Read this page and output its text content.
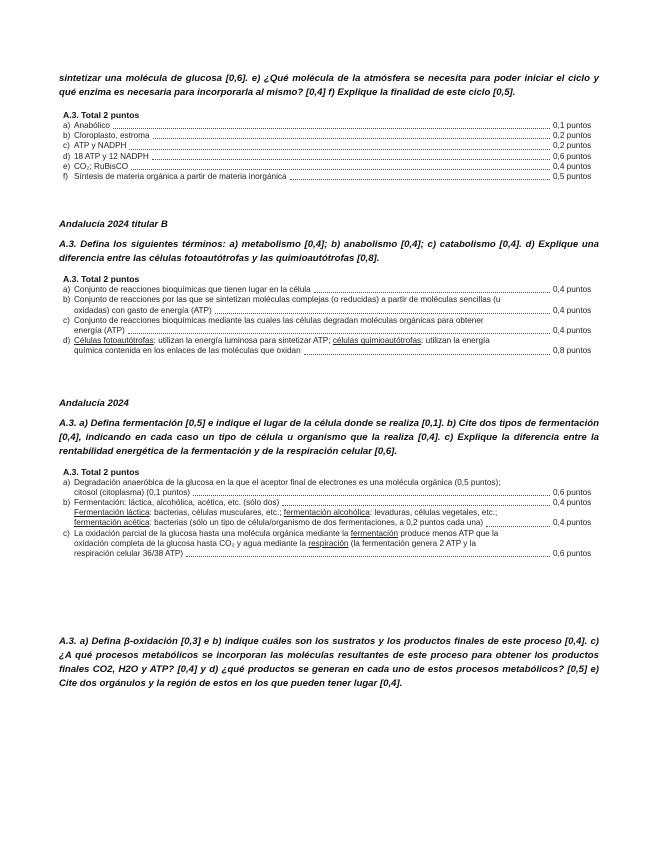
sintetizar una molécula de glucosa [0,6]. e) ¿Qué molécula de la atmósfera se necesita para poder iniciar el ciclo y qué enzima es necesaria para incorporarla al mismo? [0,4] f) Explique la finalidad de este ciclo [0,5].
A.3. Total 2 puntos
a) Anabólico	0,1 puntos
b) Cloroplasto, estroma	0,2 puntos
c) ATP y NADPH	0,2 puntos
d) 18 ATP y 12 NADPH	0,6 puntos
e) CO₂; RuBisCO	0,4 puntos
f) Síntesis de materia orgánica a partir de materia inorgánica	0,5 puntos
Andalucía 2024 titular B
A.3. Defina los siguientes términos: a) metabolismo [0,4]; b) anabolismo [0,4]; c) catabolismo [0,4]. d) Explique una diferencia entre las células fotoautótrofas y las quimioautótrofas [0,8].
A.3. Total 2 puntos
a) Conjunto de reacciones bioquímicas que tienen lugar en la célula	0,4 puntos
b) Conjunto de reacciones por las que se sintetizan moléculas complejas (o reducidas) a partir de moléculas sencillas (u
oxidadas) con gasto de energía (ATP)	0,4 puntos
c) Conjunto de reacciones bioquímicas mediante las cuales las células degradan moléculas orgánicas para obtener
energía (ATP)	0,4 puntos
d) Células fotoautótrofas: utilizan la energía luminosa para sintetizar ATP; células quimioautótrofas: utilizan la energía
química contenida en los enlaces de las moléculas que oxidan	0,8 puntos
Andalucía 2024
A.3. a) Defina fermentación [0,5] e indique el lugar de la célula donde se realiza [0,1]. b) Cite dos tipos de fermentación [0,4], indicando en cada caso un tipo de célula u organismo que la realiza [0,4]. c) Explique la diferencia entre la rentabilidad energética de la fermentación y de la respiración celular [0,6].
A.3. Total 2 puntos
a) Degradación anaeróbica de la glucosa en la que el aceptor final de electrones es una molécula orgánica (0,5 puntos);
citosol (citoplasma) (0,1 puntos)	0,6 puntos
b) Fermentación: láctica, alcohólica, acética, etc. (sólo dos)	0,4 puntos
Fermentación láctica: bacterias, células musculares, etc.; fermentación alcohólica: levaduras, células vegetales, etc.;
fermentación acética: bacterias (sólo un tipo de célula/organismo de dos fermentaciones, a 0,2 puntos cada una)	0,4 puntos
c) La oxidación parcial de la glucosa hasta una molécula orgánica mediante la fermentación produce menos ATP que la
oxidación completa de la glucosa hasta CO₂ y agua mediante la respiración (la fermentación genera 2 ATP y la
respiración celular 36/38 ATP)	0,6 puntos
A.3. a) Defina β-oxidación [0,3] e b) indique cuáles son los sustratos y los productos finales de este proceso [0,4]. c) ¿A qué procesos metabólicos se incorporan las moléculas resultantes de este proceso para obtener los productos finales CO2, H2O y ATP? [0,4] y d) ¿qué productos se generan en cada uno de estos procesos metabólicos? [0,5] e) Cite dos orgánulos y la región de estos en los que pueden tener lugar [0,4].
